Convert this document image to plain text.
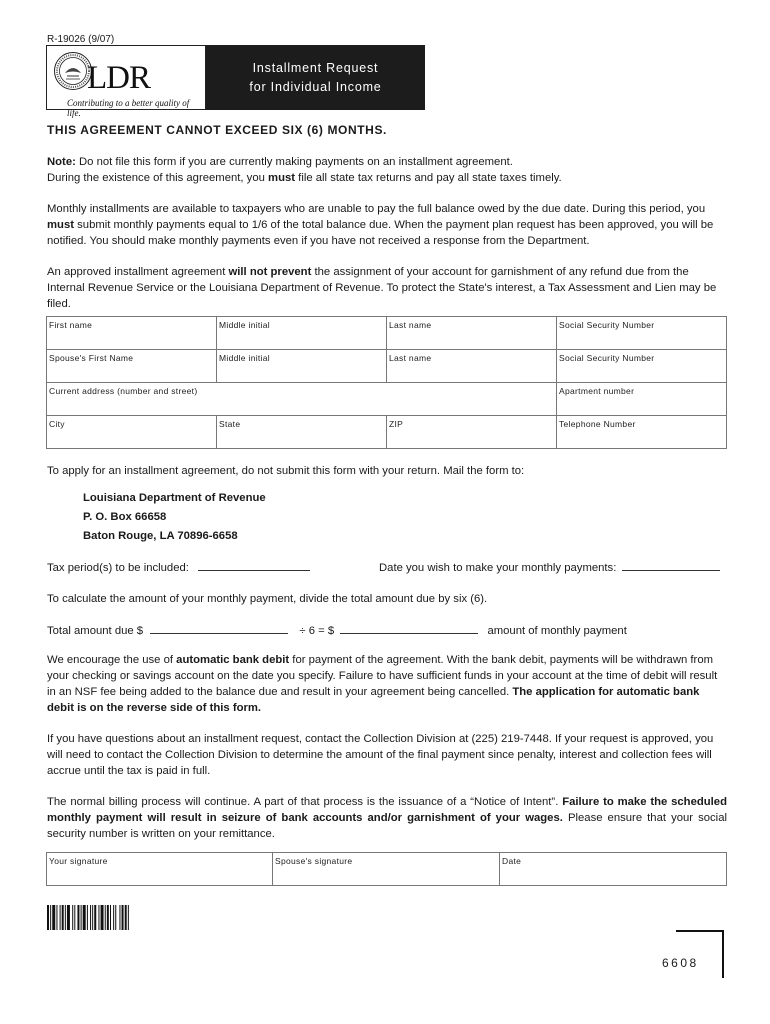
R-19026 (9/07)
LDR
Contributing to a better quality of life.
Installment Request
for Individual Income
THIS AGREEMENT CANNOT EXCEED SIX (6) MONTHS.
Note: Do not file this form if you are currently making payments on an installment agreement.
During the existence of this agreement, you must file all state tax returns and pay all state taxes timely.
Monthly installments are available to taxpayers who are unable to pay the full balance owed by the due date. During this period, you must submit monthly payments equal to 1/6 of the total balance due. When the payment plan request has been approved, you will be notified. You should make monthly payments even if you have not received a response from the Department.
An approved installment agreement will not prevent the assignment of your account for garnishment of any refund due from the Internal Revenue Service or the Louisiana Department of Revenue. To protect the State's interest, a Tax Assessment and Lien may be filed.
First name	Middle initial	Last name	Social Security Number
Spouse's First Name	Middle initial	Last name	Social Security Number
Current address (number and street)			Apartment number
City	State	ZIP	Telephone Number
To apply for an installment agreement, do not submit this form with your return. Mail the form to:
Louisiana Department of Revenue
P. O. Box 66658
Baton Rouge, LA 70896-6658
Tax period(s) to be included:	Date you wish to make your monthly payments:
To calculate the amount of your monthly payment, divide the total amount due by six (6).
Total amount due $	÷ 6 = $	amount of monthly payment
We encourage the use of automatic bank debit for payment of the agreement. With the bank debit, payments will be withdrawn from your checking or savings account on the date you specify. Failure to have sufficient funds in your account at the time of debit will result in an NSF fee being added to the balance due and result in your agreement being cancelled. The application for automatic bank debit is on the reverse side of this form.
If you have questions about an installment request, contact the Collection Division at (225) 219-7448. If your request is approved, you will need to contact the Collection Division to determine the amount of the final payment since penalty, interest and collection fees will accrue until the tax is paid in full.
The normal billing process will continue. A part of that process is the issuance of a “Notice of Intent”. Failure to make the scheduled monthly payment will result in seizure of bank accounts and/or garnishment of your wages. Please ensure that your social security number is written on your remittance.
Your signature	Spouse's signature	Date
6608
